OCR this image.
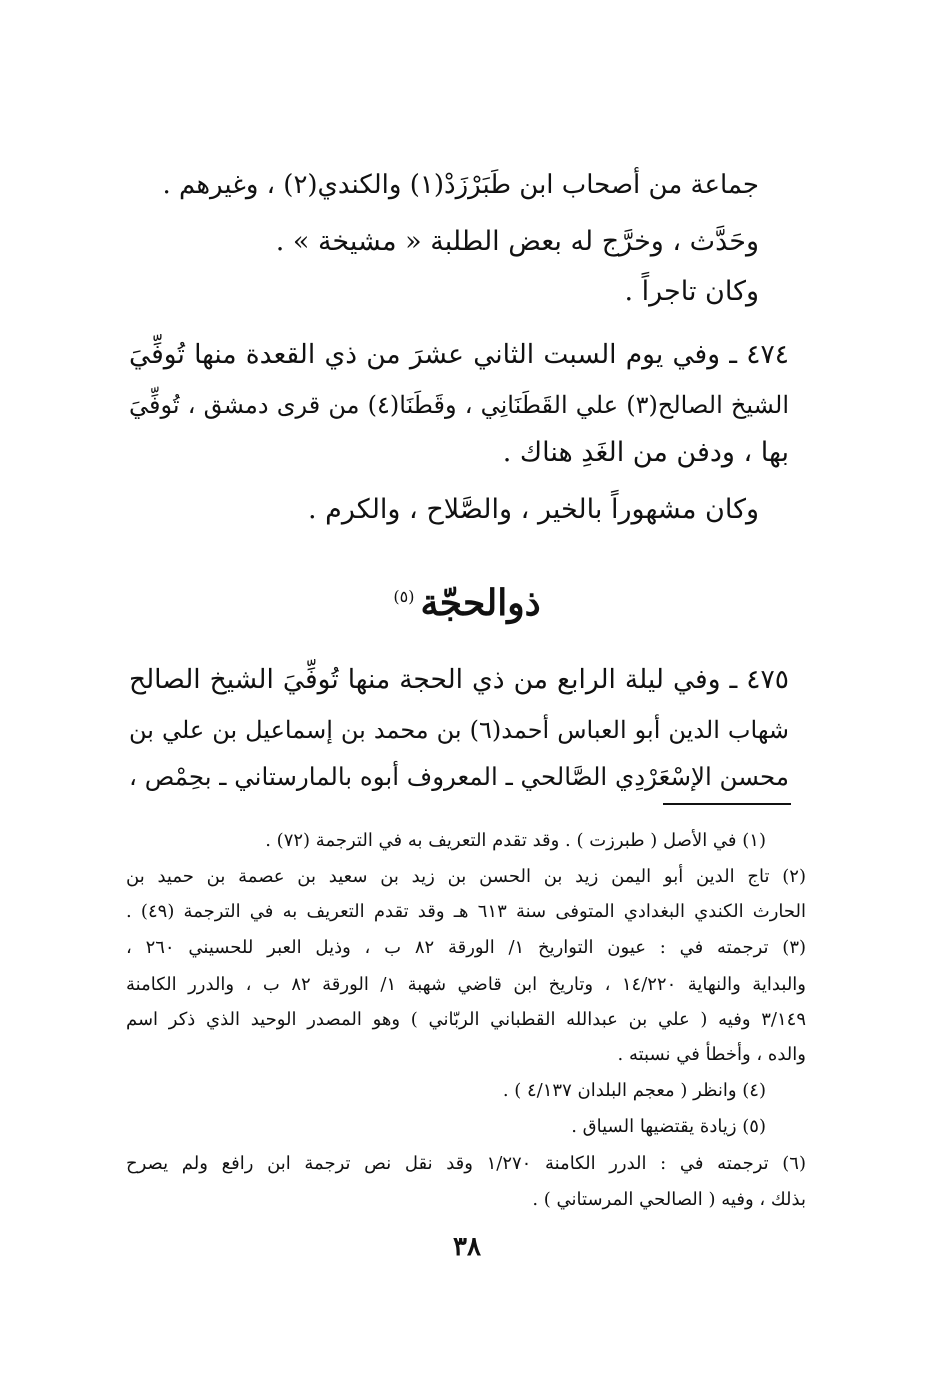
جماعة من أصحاب ابن طَبَرْزَدْ(١) والكندي(٢) ، وغيرهم .
وحَدَّث ، وخرَّج له بعض الطلبة « مشيخة » .
وكان تاجراً .
٤٧٤ ـ وفي يوم السبت الثاني عشرَ من ذي القعدة منها تُوفِّيَ
الشيخ الصالح(٣) علي القَطَنَانِي ، وقَطَنَا(٤) من قرى دمشق ، تُوفِّيَ
بها ، ودفن من الغَدِ هناك .
وكان مشهوراً بالخير ، والصَّلاح ، والكرم .
ذوالحجّة$^{(٥)}$
٤٧٥ ـ وفي ليلة الرابع من ذي الحجة منها تُوفِّيَ الشيخ الصالح
شهاب الدين أبو العباس أحمد(٦) بن محمد بن إسماعيل بن علي بن
محسن الإسْعَرْدِي الصَّالحي ـ المعروف أبوه بالمارستاني ـ بحِمْص ،
(١) في الأصل ( طبرزت ) . وقد تقدم التعريف به في الترجمة (٧٢) .
(٢) تاج الدين أبو اليمن زيد بن الحسن بن زيد بن سعيد بن عصمة بن حميد بن
الحارث الكندي البغدادي المتوفى سنة ٦١٣ هـ وقد تقدم التعريف به في الترجمة (٤٩) .
(٣) ترجمته في : عيون التواريخ ١/ الورقة ٨٢ ب ، وذيل العبر للحسيني ٢٦٠ ،
والبداية والنهاية ١٤/٢٢٠ ، وتاريخ ابن قاضي شهبة ١/ الورقة ٨٢ ب ، والدرر الكامنة
٣/١٤٩ وفيه ( علي بن عبدالله القطباني الربّاني ) وهو المصدر الوحيد الذي ذكر اسم
والده ، وأخطأ في نسبته .
(٤) وانظر ( معجم البلدان ٤/١٣٧ ) .
(٥) زيادة يقتضيها السياق .
(٦) ترجمته في : الدرر الكامنة ١/٢٧٠ وقد نقل نص ترجمة ابن رافع ولم يصرح
بذلك ، وفيه ( الصالحي المرستاني ) .
٣٨
